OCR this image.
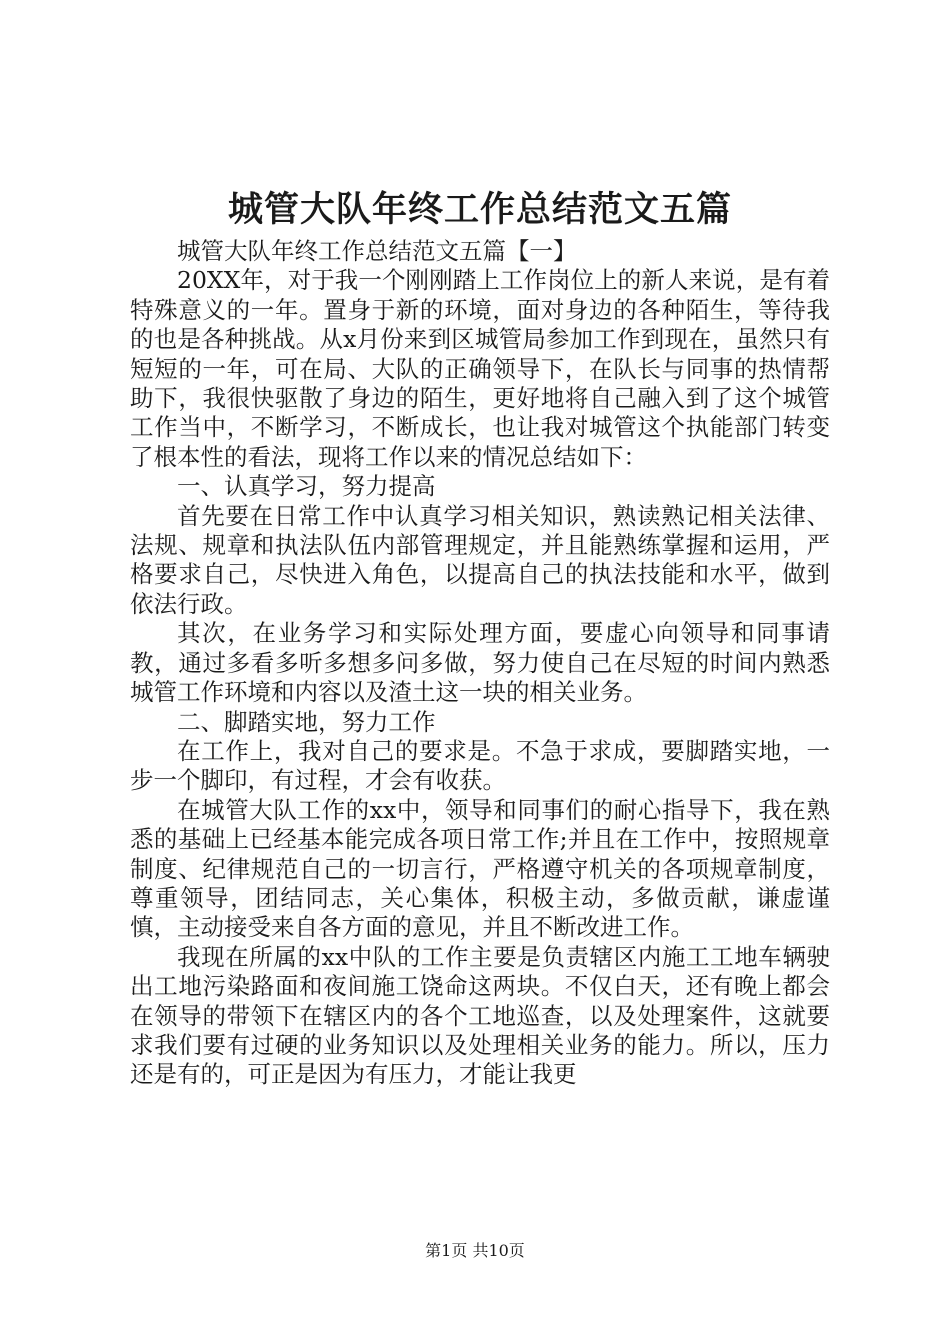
城管大队年终工作总结范文五篇

城管大队年终工作总结范文五篇【一】

20XX年，对于我一个刚刚踏上工作岗位上的新人来说，是有着特殊意义的一年。置身于新的环境，面对身边的各种陌生，等待我的也是各种挑战。从x月份来到区城管局参加工作到现在，虽然只有短短的一年，可在局、大队的正确领导下，在队长与同事的热情帮助下，我很快驱散了身边的陌生，更好地将自己融入到了这个城管工作当中，不断学习，不断成长，也让我对城管这个执能部门转变了根本性的看法，现将工作以来的情况总结如下：

一、认真学习，努力提高

首先要在日常工作中认真学习相关知识，熟读熟记相关法律、法规、规章和执法队伍内部管理规定，并且能熟练掌握和运用，严格要求自己，尽快进入角色，以提高自己的执法技能和水平，做到依法行政。

其次，在业务学习和实际处理方面，要虚心向领导和同事请教，通过多看多听多想多问多做，努力使自己在尽短的时间内熟悉城管工作环境和内容以及渣土这一块的相关业务。

二、脚踏实地，努力工作

在工作上，我对自己的要求是。不急于求成，要脚踏实地，一步一个脚印，有过程，才会有收获。

在城管大队工作的xx中，领导和同事们的耐心指导下，我在熟悉的基础上已经基本能完成各项日常工作;并且在工作中，按照规章制度、纪律规范自己的一切言行，严格遵守机关的各项规章制度，尊重领导，团结同志，关心集体，积极主动，多做贡献，谦虚谨慎，主动接受来自各方面的意见，并且不断改进工作。

我现在所属的xx中队的工作主要是负责辖区内施工工地车辆驶出工地污染路面和夜间施工饶命这两块。不仅白天，还有晚上都会在领导的带领下在辖区内的各个工地巡查，以及处理案件，这就要求我们要有过硬的业务知识以及处理相关业务的能力。所以，压力还是有的，可正是因为有压力，才能让我更

第1页 共10页
